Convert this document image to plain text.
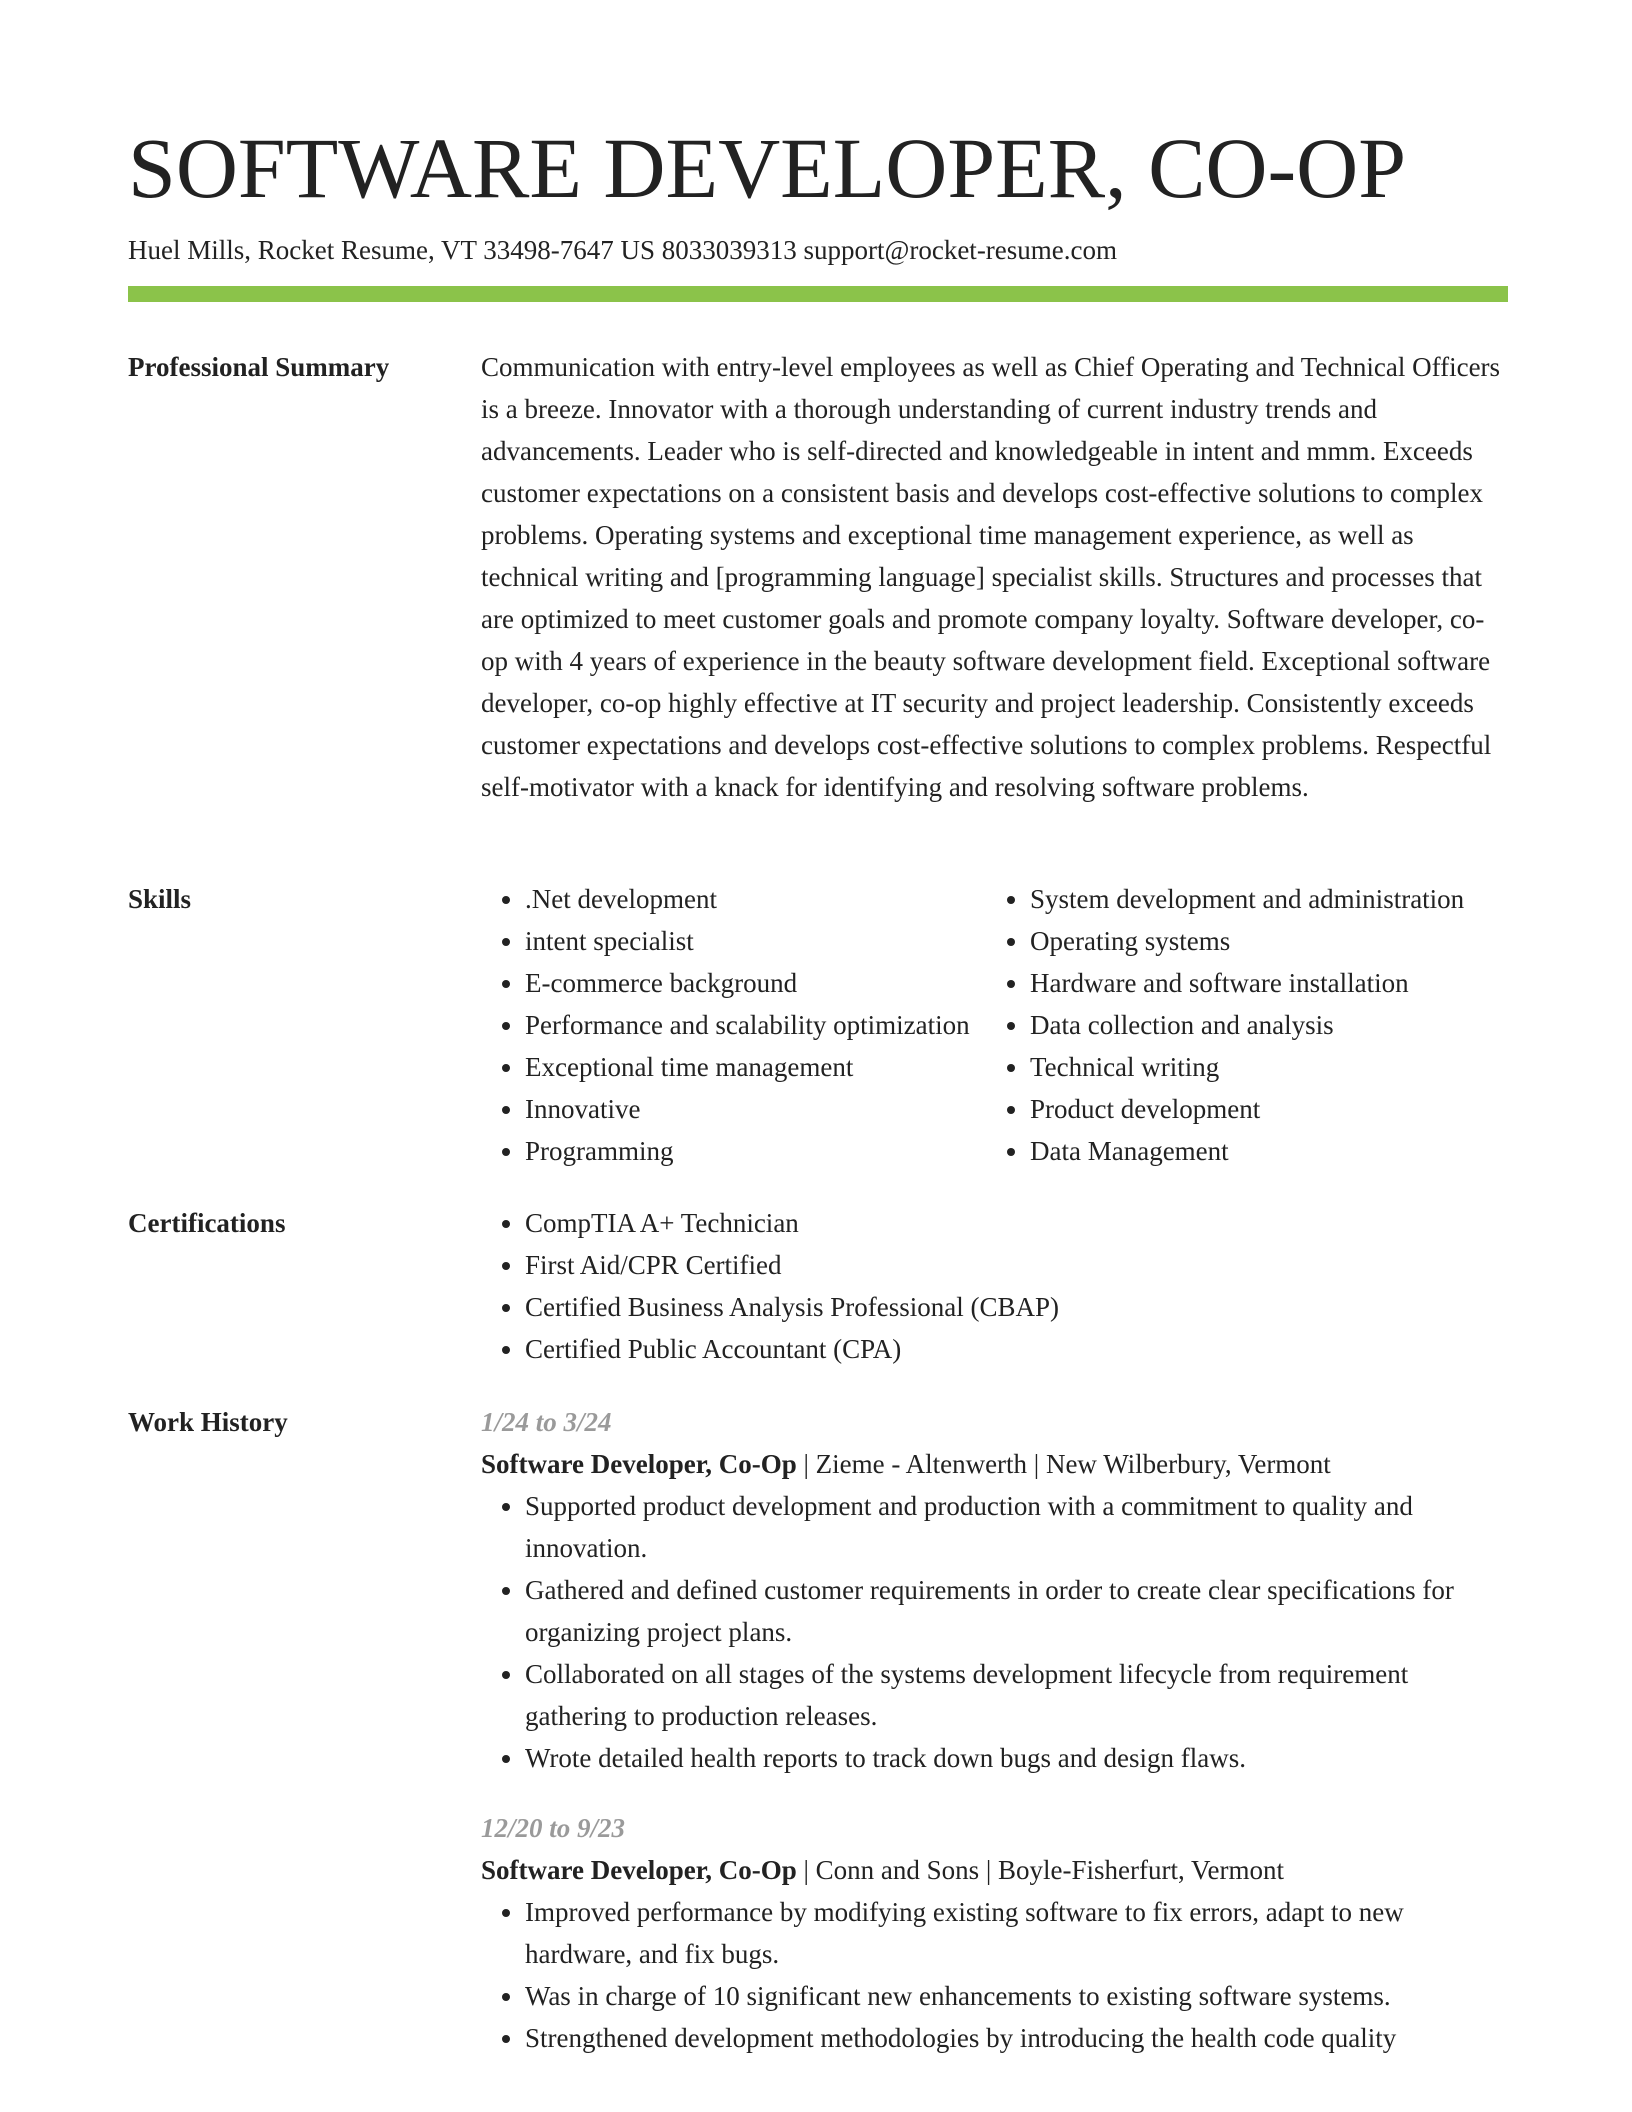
SOFTWARE DEVELOPER, CO-OP
Huel Mills, Rocket Resume, VT 33498-7647 US 8033039313 support@rocket-resume.com
Professional Summary	Communication with entry-level employees as well as Chief Operating and Technical Officers is a breeze. Innovator with a thorough understanding of current industry trends and advancements. Leader who is self-directed and knowledgeable in intent and mmm. Exceeds customer expectations on a consistent basis and develops cost-effective solutions to complex problems. Operating systems and exceptional time management experience, as well as technical writing and [programming language] specialist skills. Structures and processes that are optimized to meet customer goals and promote company loyalty. Software developer, co-op with 4 years of experience in the beauty software development field. Exceptional software developer, co-op highly effective at IT security and project leadership. Consistently exceeds customer expectations and develops cost-effective solutions to complex problems. Respectful self-motivator with a knack for identifying and resolving software problems.

Skills	• .Net development
• intent specialist
• E-commerce background
• Performance and scalability optimization
• Exceptional time management
• Innovative
• Programming
• System development and administration
• Operating systems
• Hardware and software installation
• Data collection and analysis
• Technical writing
• Product development
• Data Management
Certifications	• CompTIA A+ Technician
• First Aid/CPR Certified
• Certified Business Analysis Professional (CBAP)
• Certified Public Accountant (CPA)
Work History	1/24 to 3/24

Software Developer, Co-Op | Zieme - Altenwerth | New Wilberbury, Vermont

• Supported product development and production with a commitment to quality and innovation.
• Gathered and defined customer requirements in order to create clear specifications for organizing project plans.
• Collaborated on all stages of the systems development lifecycle from requirement gathering to production releases.
• Wrote detailed health reports to track down bugs and design flaws.

12/20 to 9/23

Software Developer, Co-Op | Conn and Sons | Boyle-Fisherfurt, Vermont

• Improved performance by modifying existing software to fix errors, adapt to new hardware, and fix bugs.
• Was in charge of 10 significant new enhancements to existing software systems.
• Strengthened development methodologies by introducing the health code quality
